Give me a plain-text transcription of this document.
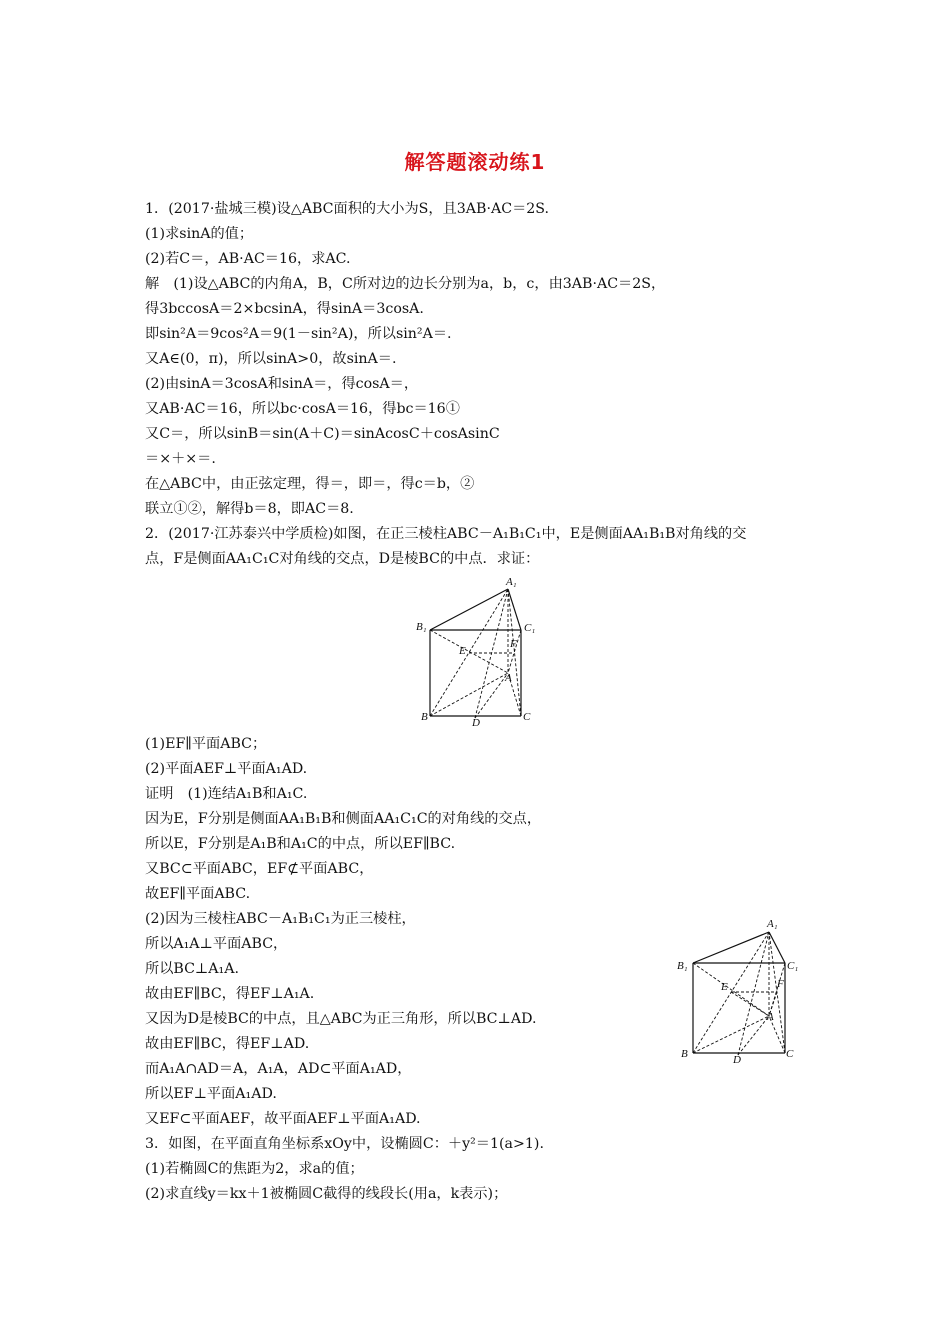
解答题滚动练1
1．(2017·盐城三模)设△ABC面积的大小为S，且3AB·AC＝2S.
(1)求sinA的值；
(2)若C＝，AB·AC＝16，求AC.
解　(1)设△ABC的内角A，B，C所对边的边长分别为a，b，c，由3AB·AC＝2S，
得3bccosA＝2×bcsinA，得sinA＝3cosA.
即sin²A＝9cos²A＝9(1－sin²A)，所以sin²A＝.
又A∈(0，π)，所以sinA>0，故sinA＝.
(2)由sinA＝3cosA和sinA＝，得cosA＝，
又AB·AC＝16，所以bc·cosA＝16，得bc＝16①
又C＝，所以sinB＝sin(A＋C)＝sinAcosC＋cosAsinC
＝×＋×＝.
在△ABC中，由正弦定理，得＝，即＝，得c＝b，②
联立①②，解得b＝8，即AC＝8.
2．(2017·江苏泰兴中学质检)如图，在正三棱柱ABC－A₁B₁C₁中，E是侧面AA₁B₁B对角线的交
点，F是侧面AA₁C₁C对角线的交点，D是棱BC的中点．求证：
(1)EF∥平面ABC；
(2)平面AEF⊥平面A₁AD.
证明　(1)连结A₁B和A₁C.
因为E，F分别是侧面AA₁B₁B和侧面AA₁C₁C的对角线的交点，
所以E，F分别是A₁B和A₁C的中点，所以EF∥BC.
又BC⊂平面ABC，EF⊄平面ABC，
故EF∥平面ABC.
(2)因为三棱柱ABC－A₁B₁C₁为正三棱柱，
所以A₁A⊥平面ABC，
所以BC⊥A₁A.
故由EF∥BC，得EF⊥A₁A.
又因为D是棱BC的中点，且△ABC为正三角形，所以BC⊥AD.
故由EF∥BC，得EF⊥AD.
而A₁A∩AD＝A，A₁A，AD⊂平面A₁AD，
所以EF⊥平面A₁AD.
又EF⊂平面AEF，故平面AEF⊥平面A₁AD.
3．如图，在平面直角坐标系xOy中，设椭圆C：＋y²＝1(a>1).
(1)若椭圆C的焦距为2，求a的值；
(2)求直线y＝kx＋1被椭圆C截得的线段长(用a，k表示)；
A₁
B₁	C₁
E
F
A
B	D	C
A₁
B₁	C₁
E	F
A
B	D	C
